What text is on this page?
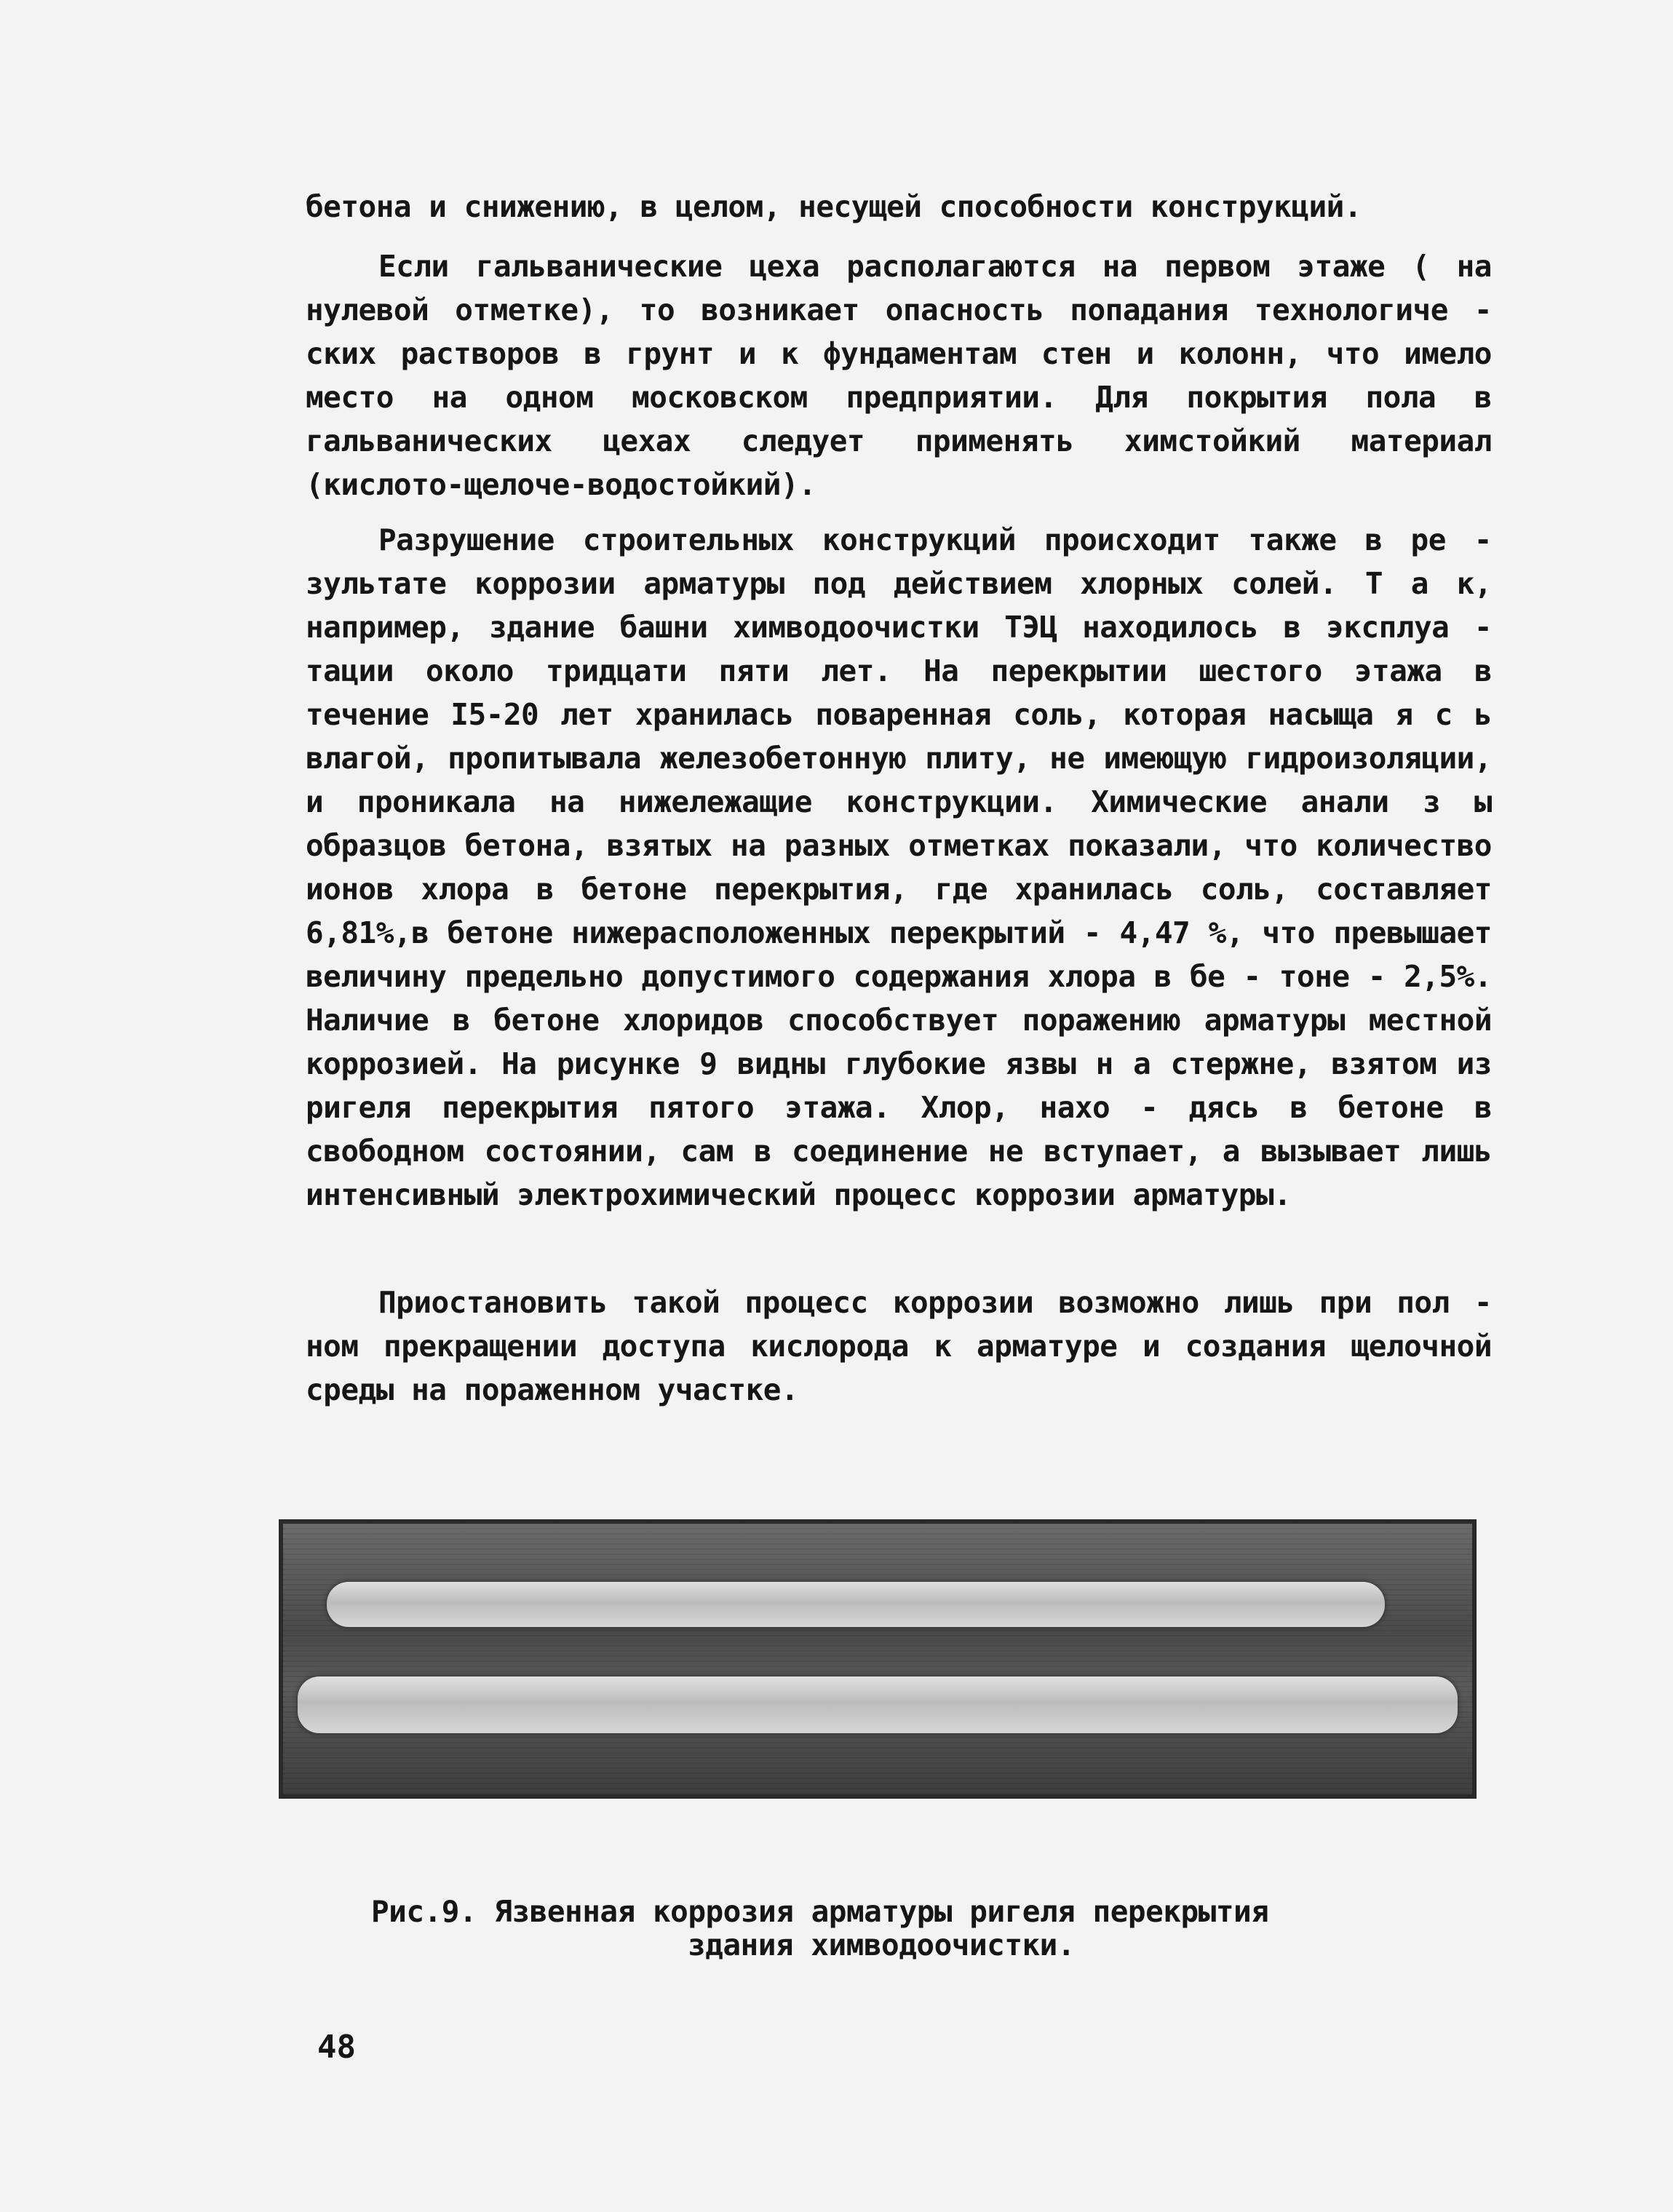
бетона и снижению, в целом, несущей способности конструкций.

Если гальванические цеха располагаются на первом этаже ( на нулевой отметке), то возникает опасность попадания технологиче - ских растворов в грунт и к фундаментам стен и колонн, что имело место на одном московском предприятии. Для покрытия пола в гальванических цехах следует применять химстойкий материал (кислото-щелоче-водостойкий).

Разрушение строительных конструкций происходит также в ре - зультате коррозии арматуры под действием хлорных солей. Т а к, например, здание башни химводоочистки ТЭЦ находилось в эксплуа - тации около тридцати пяти лет. На перекрытии шестого этажа в течение I5-20 лет хранилась поваренная соль, которая насыща я с ь влагой, пропитывала железобетонную плиту, не имеющую гидроизоляции, и проникала на нижележащие конструкции. Химические анали з ы образцов бетона, взятых на разных отметках показали, что количество ионов хлора в бетоне перекрытия, где хранилась соль, составляет 6,81%,в бетоне нижерасположенных перекрытий - 4,47 %, что превышает величину предельно допустимого содержания хлора в бе - тоне - 2,5%. Наличие в бетоне хлоридов способствует поражению арматуры местной коррозией. На рисунке 9 видны глубокие язвы н а стержне, взятом из ригеля перекрытия пятого этажа. Хлор, нахо - дясь в бетоне в свободном состоянии, сам в соединение не вступает, а вызывает лишь интенсивный электрохимический процесс коррозии арматуры.

Приостановить такой процесс коррозии возможно лишь при пол - ном прекращении доступа кислорода к арматуре и создания щелочной среды на пораженном участке.

Рис.9. Язвенная коррозия арматуры ригеля перекрытия
здания химводоочистки.
48
